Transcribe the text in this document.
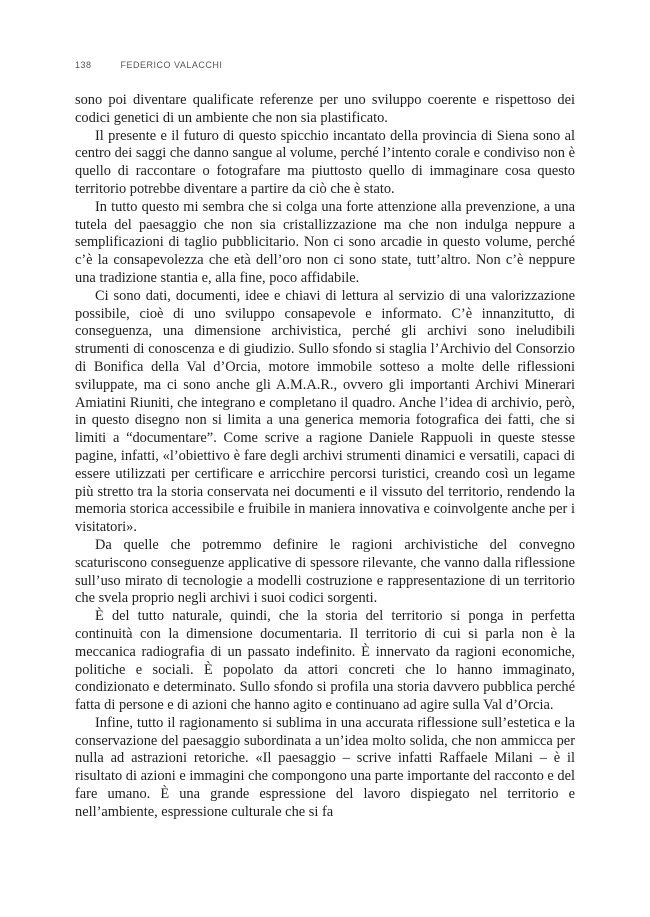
138	FEDERICO VALACCHI

sono poi diventare qualificate referenze per uno sviluppo coerente e rispettoso dei codici genetici di un ambiente che non sia plastificato.

Il presente e il futuro di questo spicchio incantato della provincia di Siena sono al centro dei saggi che danno sangue al volume, perché l’intento corale e condiviso non è quello di raccontare o fotografare ma piuttosto quello di immaginare cosa questo territorio potrebbe diventare a partire da ciò che è stato.

In tutto questo mi sembra che si colga una forte attenzione alla prevenzione, a una tutela del paesaggio che non sia cristallizzazione ma che non indulga neppure a semplificazioni di taglio pubblicitario. Non ci sono arcadie in questo volume, perché c’è la consapevolezza che età dell’oro non ci sono state, tutt’altro. Non c’è neppure una tradizione stantia e, alla fine, poco affidabile.

Ci sono dati, documenti, idee e chiavi di lettura al servizio di una valorizzazione possibile, cioè di uno sviluppo consapevole e informato. C’è innanzitutto, di conseguenza, una dimensione archivistica, perché gli archivi sono ineludibili strumenti di conoscenza e di giudizio. Sullo sfondo si staglia l’Archivio del Consorzio di Bonifica della Val d’Orcia, motore immobile sotteso a molte delle riflessioni sviluppate, ma ci sono anche gli A.M.A.R., ovvero gli importanti Archivi Minerari Amiatini Riuniti, che integrano e completano il quadro. Anche l’idea di archivio, però, in questo disegno non si limita a una generica memoria fotografica dei fatti, che si limiti a “documentare”. Come scrive a ragione Daniele Rappuoli in queste stesse pagine, infatti, «l’obiettivo è fare degli archivi strumenti dinamici e versatili, capaci di essere utilizzati per certificare e arricchire percorsi turistici, creando così un legame più stretto tra la storia conservata nei documenti e il vissuto del territorio, rendendo la memoria storica accessibile e fruibile in maniera innovativa e coinvolgente anche per i visitatori».

Da quelle che potremmo definire le ragioni archivistiche del convegno scaturiscono conseguenze applicative di spessore rilevante, che vanno dalla riflessione sull’uso mirato di tecnologie a modelli costruzione e rappresentazione di un territorio che svela proprio negli archivi i suoi codici sorgenti.

È del tutto naturale, quindi, che la storia del territorio si ponga in perfetta continuità con la dimensione documentaria. Il territorio di cui si parla non è la meccanica radiografia di un passato indefinito. È innervato da ragioni economiche, politiche e sociali. È popolato da attori concreti che lo hanno immaginato, condizionato e determinato. Sullo sfondo si profila una storia davvero pubblica perché fatta di persone e di azioni che hanno agito e continuano ad agire sulla Val d’Orcia.

Infine, tutto il ragionamento si sublima in una accurata riflessione sull’estetica e la conservazione del paesaggio subordinata a un’idea molto solida, che non ammicca per nulla ad astrazioni retoriche. «Il paesaggio – scrive infatti Raffaele Milani – è il risultato di azioni e immagini che compongono una parte importante del racconto e del fare umano. È una grande espressione del lavoro dispiegato nel territorio e nell’ambiente, espressione culturale che si fa
